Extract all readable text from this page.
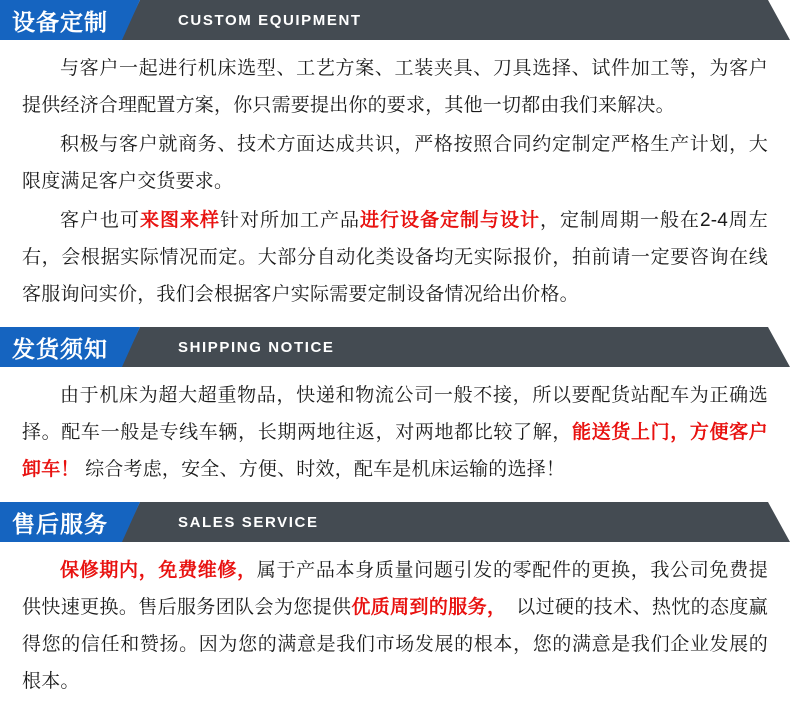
设备定制	CUSTOM EQUIPMENT

与客户一起进行机床选型、工艺方案、工装夹具、刀具选择、试件加工等，为客户提供经济合理配置方案，你只需要提出你的要求，其他一切都由我们来解决。

积极与客户就商务、技术方面达成共识，严格按照合同约定制定严格生产计划，大限度满足客户交货要求。

客户也可来图来样针对所加工产品进行设备定制与设计，定制周期一般在2-4周左右，会根据实际情况而定。大部分自动化类设备均无实际报价，拍前请一定要咨询在线客服询问实价，我们会根据客户实际需要定制设备情况给出价格。

发货须知	SHIPPING NOTICE

由于机床为超大超重物品，快递和物流公司一般不接，所以要配货站配车为正确选择。配车一般是专线车辆，长期两地往返，对两地都比较了解，能送货上门，方便客户卸车！ 综合考虑，安全、方便、时效，配车是机床运输的选择！

售后服务	SALES SERVICE

保修期内，免费维修，属于产品本身质量问题引发的零配件的更换，我公司免费提供快速更换。售后服务团队会为您提供优质周到的服务，　以过硬的技术、热忱的态度赢得您的信任和赞扬。因为您的满意是我们市场发展的根本，您的满意是我们企业发展的根本。
